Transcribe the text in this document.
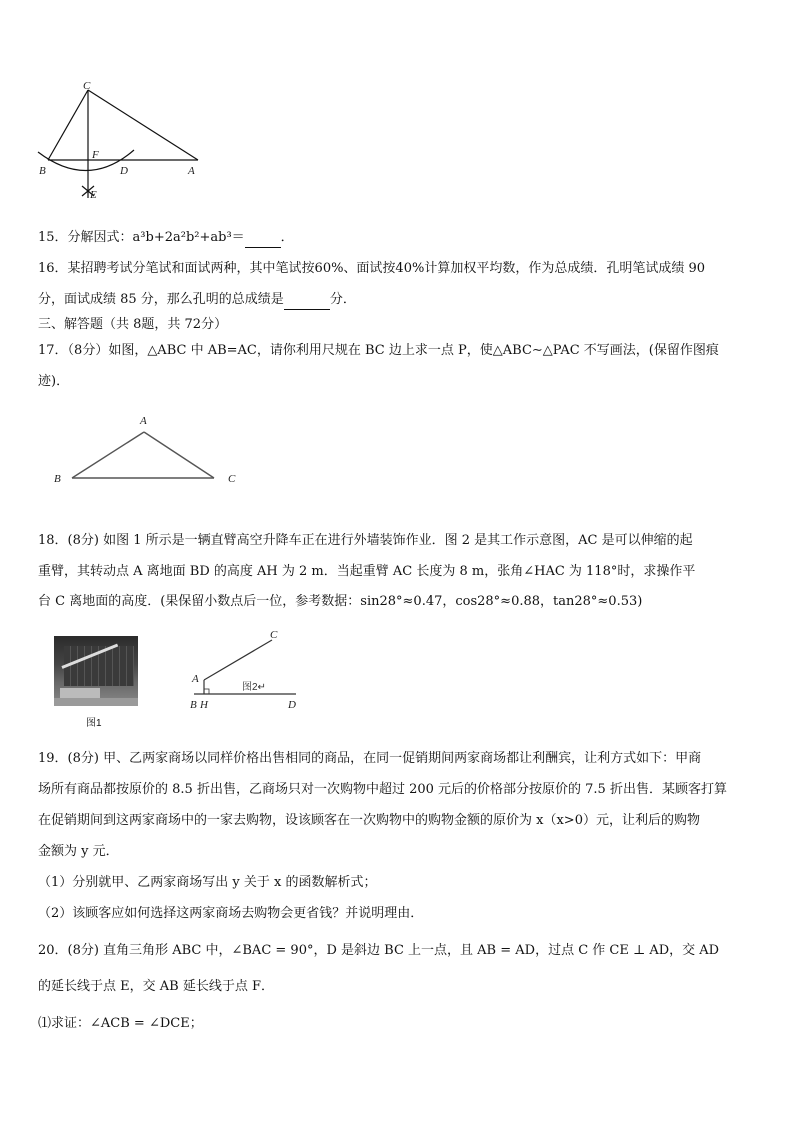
C
F
B	D	A
E
15．分解因式：a³b+2a²b²+ab³＝	．
16．某招聘考试分笔试和面试两种，其中笔试按60%、面试按40%计算加权平均数，作为总成绩．孔明笔试成绩 90
分，面试成绩 85 分，那么孔明的总成绩是	分．
三、解答题（共 8题，共 72分）
17．（8分）如图，△ABC 中 AB=AC，请你利用尺规在 BC 边上求一点 P，使△ABC∼△PAC 不写画法，(保留作图痕
迹)．
A
B	C
18．(8分) 如图 1 所示是一辆直臂高空升降车正在进行外墙装饰作业．图 2 是其工作示意图，AC 是可以伸缩的起
重臂，其转动点 A 离地面 BD 的高度 AH 为 2 m．当起重臂 AC 长度为 8 m，张角∠HAC 为 118°时，求操作平
台 C 离地面的高度．(果保留小数点后一位，参考数据：sin28°≈0.47，cos28°≈0.88，tan28°≈0.53)
图1
C
A
图2↵
B H	D
19．(8分) 甲、乙两家商场以同样价格出售相同的商品，在同一促销期间两家商场都让利酬宾，让利方式如下：甲商
场所有商品都按原价的 8.5 折出售，乙商场只对一次购物中超过 200 元后的价格部分按原价的 7.5 折出售．某顾客打算
在促销期间到这两家商场中的一家去购物，设该顾客在一次购物中的购物金额的原价为 x（x>0）元，让利后的购物
金额为 y 元．
（1）分别就甲、乙两家商场写出 y 关于 x 的函数解析式；
（2）该顾客应如何选择这两家商场去购物会更省钱？并说明理由．
20．(8分) 直角三角形 ABC 中，∠BAC = 90°，D 是斜边 BC 上一点，且 AB = AD，过点 C 作 CE ⊥ AD，交 AD
的延长线于点 E，交 AB 延长线于点 F．
⑴求证：∠ACB = ∠DCE；
